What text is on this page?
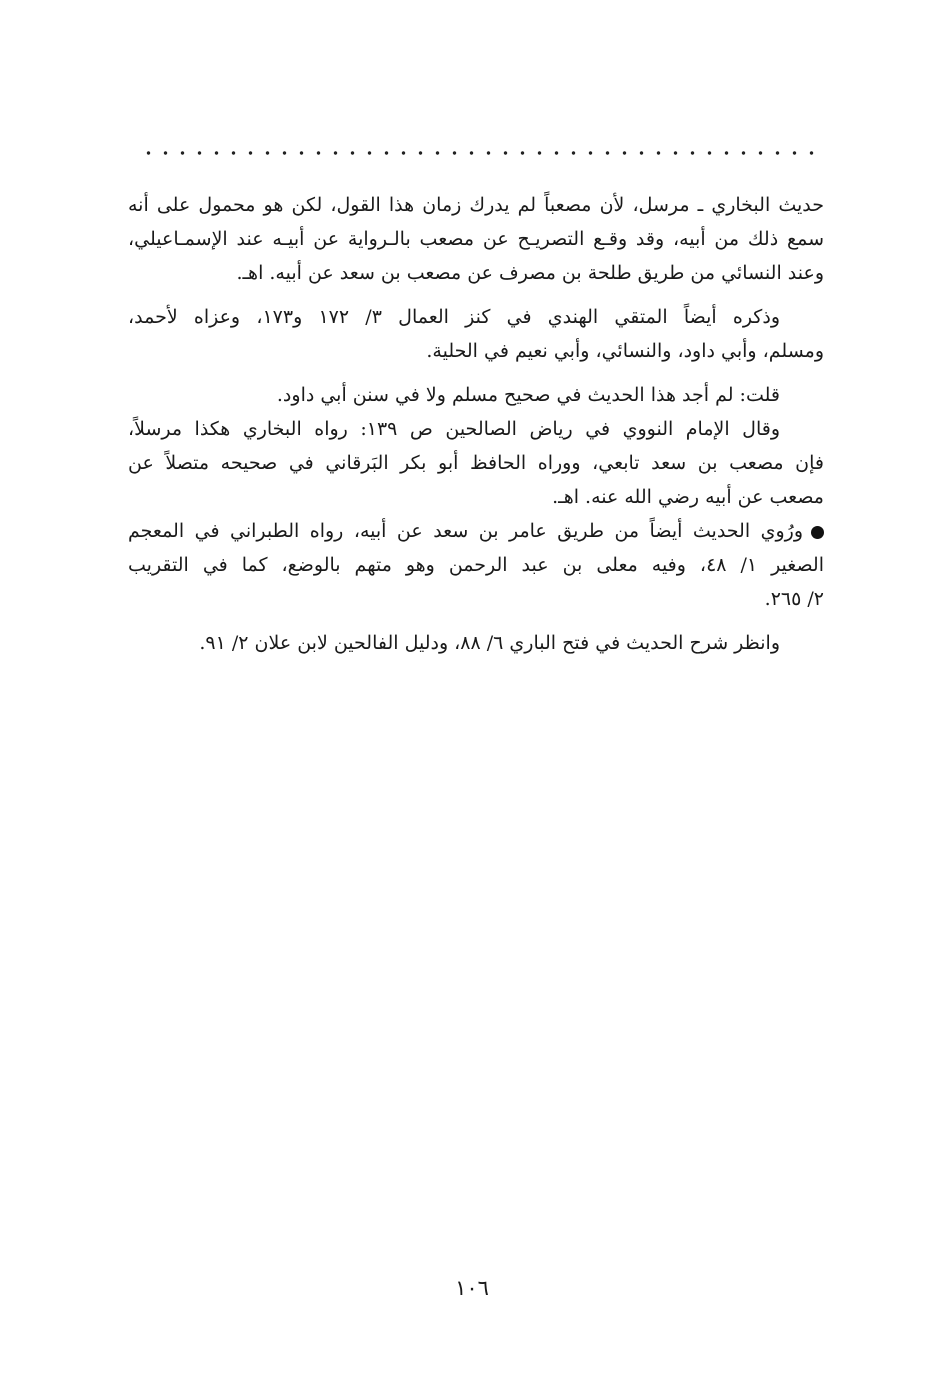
حديث البخاري ـ مرسل، لأن مصعباً لم يدرك زمان هذا القول، لكن هو محمول على أنه
سمع ذلك من أبيه، وقد وقـع التصريـح عن مصعب بالـرواية عن أبيـه عند الإسمـاعيلي،
وعند النسائي من طريق طلحة بن مصرف عن مصعب بن سعد عن أبيه. اهـ.
وذكره أيضاً المتقي الهندي في كنز العمال ٣/ ١٧٢ و١٧٣، وعزاه لأحمد،
ومسلم، وأبي داود، والنسائي، وأبي نعيم في الحلية.
قلت: لم أجد هذا الحديث في صحيح مسلم ولا في سنن أبي داود.
وقال الإمام النووي في رياض الصالحين ص ١٣٩: رواه البخاري هكذا مرسلاً،
فإن مصعب بن سعد تابعي، ووراه الحافظ أبو بكر البَرقاني في صحيحه متصلاً عن
مصعب عن أبيه رضي الله عنه. اهـ.
ورُوي الحديث أيضاً من طريق عامر بن سعد عن أبيه، رواه الطبراني في المعجم
الصغير ١/ ٤٨، وفيه معلى بن عبد الرحمن وهو متهم بالوضع، كما في التقريب
٢/ ٢٦٥.
وانظر شرح الحديث في فتح الباري ٦/ ٨٨، ودليل الفالحين لابن علان ٢/ ٩١.
١٠٦
